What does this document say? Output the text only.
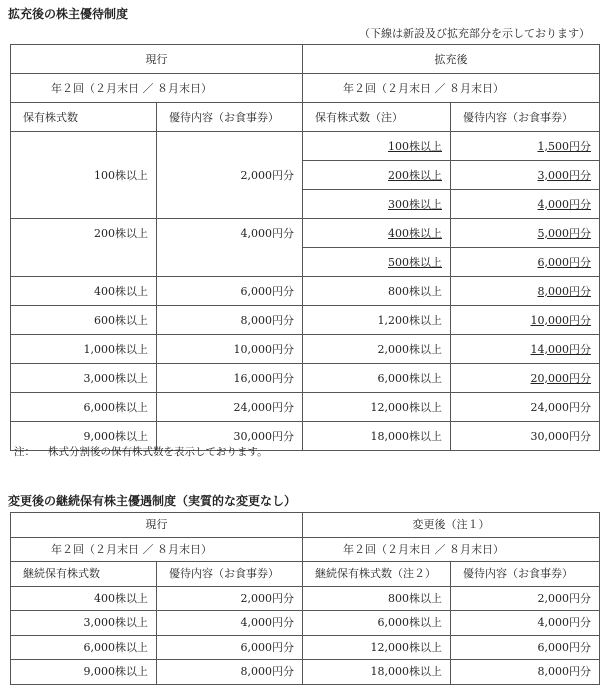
拡充後の株主優待制度
（下線は新設及び拡充部分を示しております）
現行		拡充後	
年２回（２月末日 ／ ８月末日）		年２回（２月末日 ／ ８月末日）	
保有株式数	優待内容（お食事券）	保有株式数（注）	優待内容（お食事券）
		100株以上	1,500円分
100株以上	2,000円分	200株以上	3,000円分
		300株以上	4,000円分
200株以上	4,000円分	400株以上	5,000円分
		500株以上	6,000円分
400株以上	6,000円分	800株以上	8,000円分
600株以上	8,000円分	1,200株以上	10,000円分
1,000株以上	10,000円分	2,000株以上	14,000円分
3,000株以上	16,000円分	6,000株以上	20,000円分
6,000株以上	24,000円分	12,000株以上	24,000円分
9,000株以上	30,000円分	18,000株以上	30,000円分
注： 株式分割後の保有株式数を表示しております。
変更後の継続保有株主優遇制度（実質的な変更なし）
現行		変更後（注１）	
年２回（２月末日 ／ ８月末日）		年２回（２月末日 ／ ８月末日）	
継続保有株式数	優待内容（お食事券）	継続保有株式数（注２）	優待内容（お食事券）
400株以上	2,000円分	800株以上	2,000円分
3,000株以上	4,000円分	6,000株以上	4,000円分
6,000株以上	6,000円分	12,000株以上	6,000円分
9,000株以上	8,000円分	18,000株以上	8,000円分
